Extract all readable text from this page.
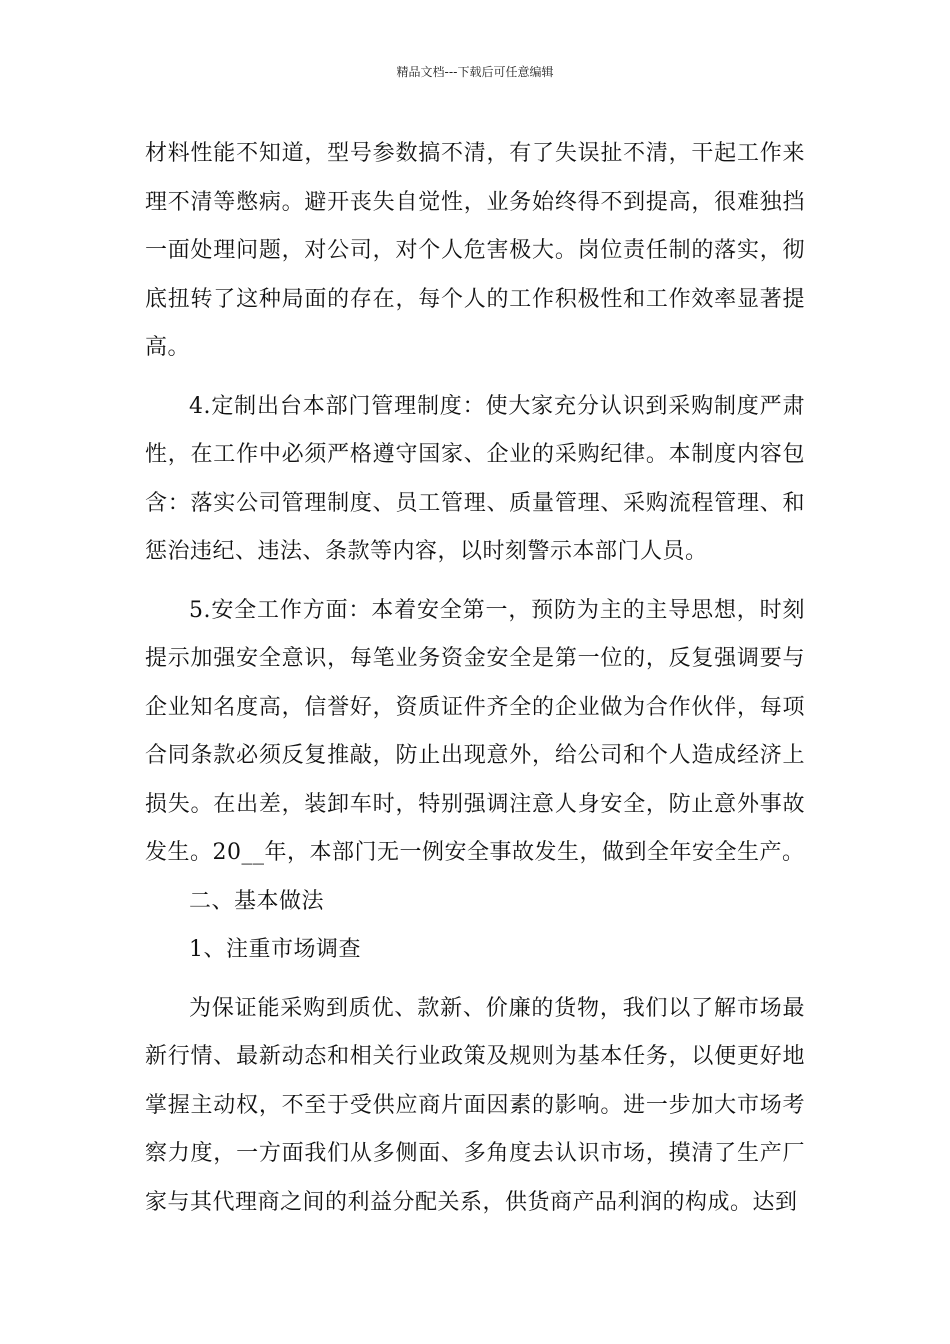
精品文档---下载后可任意编辑

材料性能不知道，型号参数搞不清，有了失误扯不清，干起工作来理不清等憋病。避开丧失自觉性，业务始终得不到提高，很难独挡一面处理问题，对公司，对个人危害极大。岗位责任制的落实，彻底扭转了这种局面的存在，每个人的工作积极性和工作效率显著提高。

4.定制出台本部门管理制度：使大家充分认识到采购制度严肃性，在工作中必须严格遵守国家、企业的采购纪律。本制度内容包含：落实公司管理制度、员工管理、质量管理、采购流程管理、和惩治违纪、违法、条款等内容，以时刻警示本部门人员。

5.安全工作方面：本着安全第一，预防为主的主导思想，时刻提示加强安全意识，每笔业务资金安全是第一位的，反复强调要与企业知名度高，信誉好，资质证件齐全的企业做为合作伙伴，每项合同条款必须反复推敲，防止出现意外，给公司和个人造成经济上损失。在出差，装卸车时，特别强调注意人身安全，防止意外事故发生。20__年，本部门无一例安全事故发生，做到全年安全生产。

二、基本做法

1、注重市场调查

为保证能采购到质优、款新、价廉的货物，我们以了解市场最新行情、最新动态和相关行业政策及规则为基本任务，以便更好地掌握主动权，不至于受供应商片面因素的影响。进一步加大市场考察力度，一方面我们从多侧面、多角度去认识市场，摸清了生产厂家与其代理商之间的利益分配关系，供货商产品利润的构成。达到
